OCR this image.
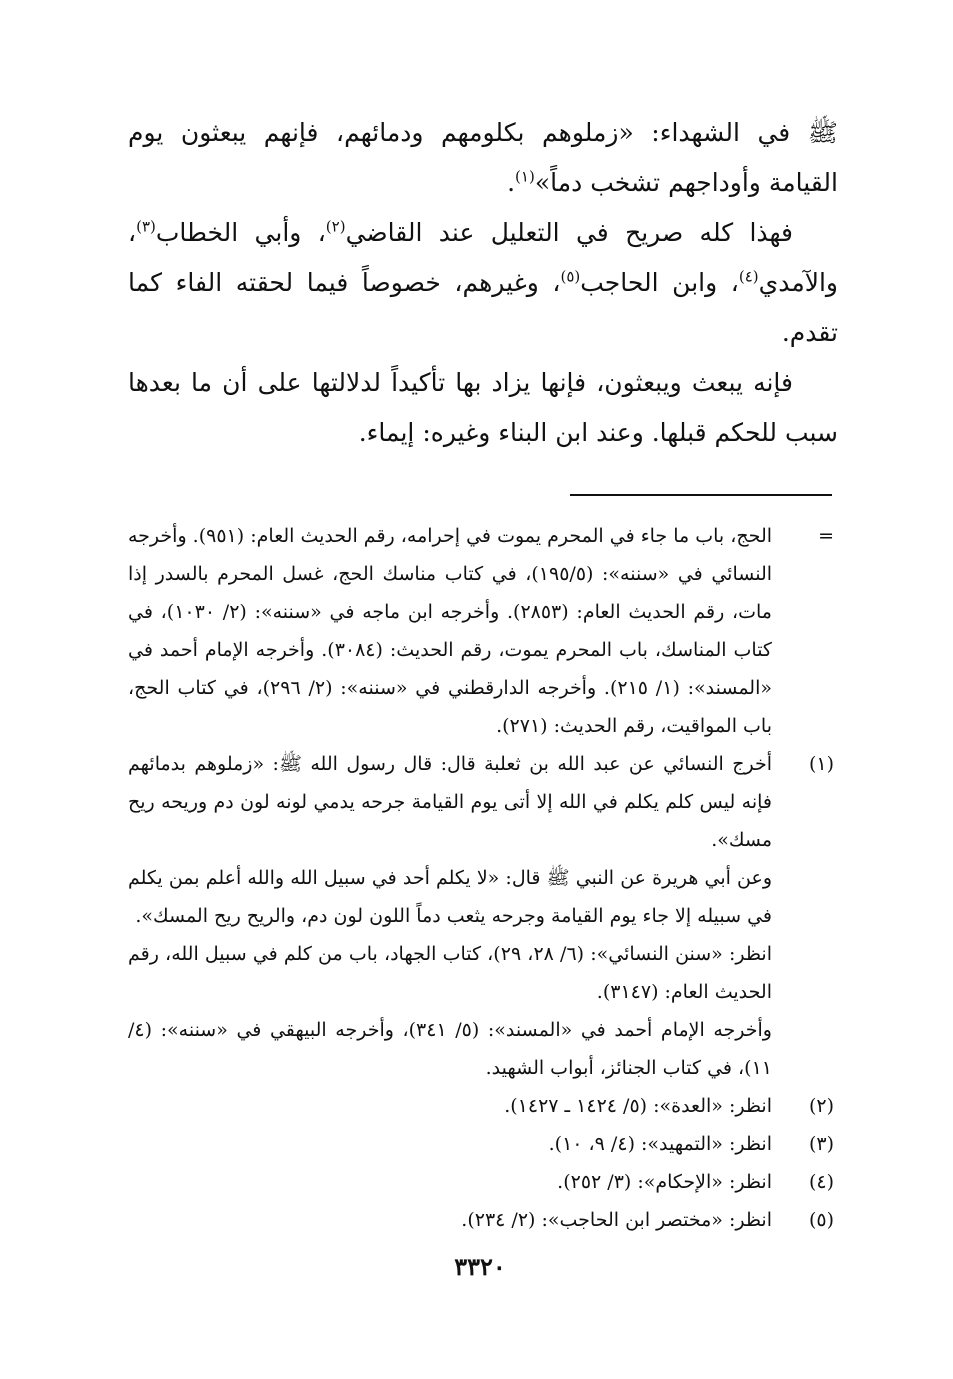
ﷺ في الشهداء: «زملوهم بكلومهم ودمائهم، فإنهم يبعثون يوم القيامة وأوداجهم تشخب دماً»$^{(١)}$.

فهذا كله صريح في التعليل عند القاضي$^{(٢)}$، وأبي الخطاب$^{(٣)}$، والآمدي$^{(٤)}$، وابن الحاجب$^{(٥)}$، وغيرهم، خصوصاً فيما لحقته الفاء كما تقدم.

فإنه يبعث ويبعثون، فإنها يزاد بها تأكيداً لدلالتها على أن ما بعدها سبب للحكم قبلها. وعند ابن البناء وغيره: إيماء.

=

الحج، باب ما جاء في المحرم يموت في إحرامه، رقم الحديث العام: (٩٥١). وأخرجه النسائي في «سننه»: (١٩٥/٥)، في كتاب مناسك الحج، غسل المحرم بالسدر إذا مات، رقم الحديث العام: (٢٨٥٣). وأخرجه ابن ماجه في «سننه»: (٢/ ١٠٣٠)، في كتاب المناسك، باب المحرم يموت، رقم الحديث: (٣٠٨٤). وأخرجه الإمام أحمد في «المسند»: (١/ ٢١٥). وأخرجه الدارقطني في «سننه»: (٢/ ٢٩٦)، في كتاب الحج، باب المواقيت، رقم الحديث: (٢٧١).

(١)

أخرج النسائي عن عبد الله بن ثعلبة قال: قال رسول الله ﷺ: «زملوهم بدمائهم فإنه ليس كلم يكلم في الله إلا أتى يوم القيامة جرحه يدمي لونه لون دم وريحه ريح مسك».

وعن أبي هريرة عن النبي ﷺ قال: «لا يكلم أحد في سبيل الله والله أعلم بمن يكلم في سبيله إلا جاء يوم القيامة وجرحه يثعب دماً اللون لون دم، والريح ريح المسك».

انظر: «سنن النسائي»: (٦/ ٢٨، ٢٩)، كتاب الجهاد، باب من كلم في سبيل الله، رقم الحديث العام: (٣١٤٧).

وأخرجه الإمام أحمد في «المسند»: (٥/ ٣٤١)، وأخرجه البيهقي في «سننه»: (٤/ ١١)، في كتاب الجنائز، أبواب الشهيد.

(٢)

انظر: «العدة»: (٥/ ١٤٢٤ ـ ١٤٢٧).

(٣)

انظر: «التمهيد»: (٤/ ٩، ١٠).

(٤)

انظر: «الإحكام»: (٣/ ٢٥٢).

(٥)

انظر: «مختصر ابن الحاجب»: (٢/ ٢٣٤).

٣٣٢٠
